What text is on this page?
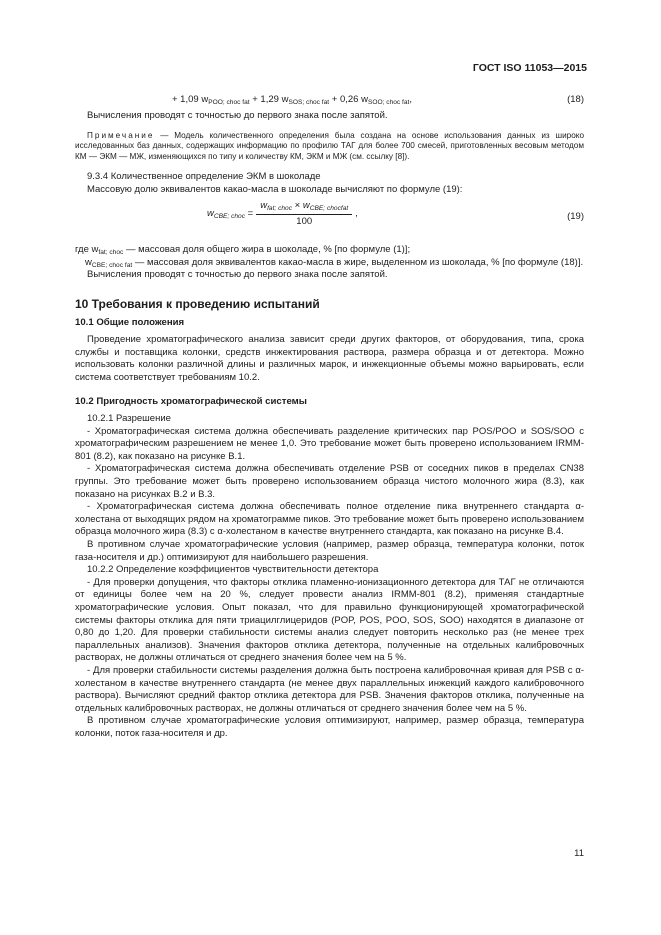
ГОСТ ISO 11053—2015
+ 1,09 $w_{POO; choc fat} + 1,29$ $w_{SOS; choc fat} + 0,26$ $w_{SOO; choc fat}$,	(18)

Вычисления проводят с точностью до первого знака после запятой.

Примечание — Модель количественного определения была создана на основе использования данных из широко исследованных баз данных, содержащих информацию по профилю ТАГ для более 700 смесей, приготовленных весовым методом КМ — ЭКМ — МЖ, изменяющихся по типу и количеству КМ, ЭКМ и МЖ (см. ссылку [8]).

9.3.4 Количественное определение ЭКМ в шоколаде

Массовую долю эквивалентов какао-масла в шоколаде вычисляют по формуле (19):

$w_{CBE; choc} = \frac{w_{fat; choc} \times w_{CBE; chocfat}}{100}$ ,	(19)

где $w_{fat; choc}$ — массовая доля общего жира в шоколаде, % [по формуле (1)];

$w_{CBE; choc fat}$ — массовая доля эквивалентов какао-масла в жире, выделенном из шоколада, % [по формуле (18)].

Вычисления проводят с точностью до первого знака после запятой.

10 Требования к проведению испытаний
10.1 Общие положения

Проведение хроматографического анализа зависит среди других факторов, от оборудования, типа, срока службы и поставщика колонки, средств инжектирования раствора, размера образца и от детектора. Можно использовать колонки различной длины и различных марок, и инжекционные объемы можно варьировать, если система соответствует требованиям 10.2.

10.2 Пригодность хроматографической системы

10.2.1 Разрешение

- Хроматографическая система должна обеспечивать разделение критических пар POS/POO и SOS/SOO с хроматографическим разрешением не менее 1,0. Это требование может быть проверено использованием IRMM-801 (8.2), как показано на рисунке В.1.

- Хроматографическая система должна обеспечивать отделение PSB от соседних пиков в пределах CN38 группы. Это требование может быть проверено использованием образца чистого молочного жира (8.3), как показано на рисунках В.2 и В.3.

- Хроматографическая система должна обеспечивать полное отделение пика внутреннего стандарта α-холестана от выходящих рядом на хроматограмме пиков. Это требование может быть проверено использованием образца молочного жира (8.3) с α-холестаном в качестве внутреннего стандарта, как показано на рисунке В.4.

В противном случае хроматографические условия (например, размер образца, температура колонки, поток газа-носителя и др.) оптимизируют для наибольшего разрешения.

10.2.2 Определение коэффициентов чувствительности детектора

- Для проверки допущения, что факторы отклика пламенно-ионизационного детектора для ТАГ не отличаются от единицы более чем на 20 %, следует провести анализ IRMM-801 (8.2), применяя стандартные хроматографические условия. Опыт показал, что для правильно функционирующей хроматографической системы факторы отклика для пяти триацилглицеридов (POP, POS, POO, SOS, SOO) находятся в диапазоне от 0,80 до 1,20. Для проверки стабильности системы анализ следует повторить несколько раз (не менее трех параллельных анализов). Значения факторов отклика детектора, полученные на отдельных калибровочных растворах, не должны отличаться от среднего значения более чем на 5 %.

- Для проверки стабильности системы разделения должна быть построена калибровочная кривая для PSB с α-холестаном в качестве внутреннего стандарта (не менее двух параллельных инжекций каждого калибровочного раствора). Вычисляют средний фактор отклика детектора для PSB. Значения факторов отклика, полученные на отдельных калибровочных растворах, не должны отличаться от среднего значения более чем на 5 %.

В противном случае хроматографические условия оптимизируют, например, размер образца, температура колонки, поток газа-носителя и др.

11
